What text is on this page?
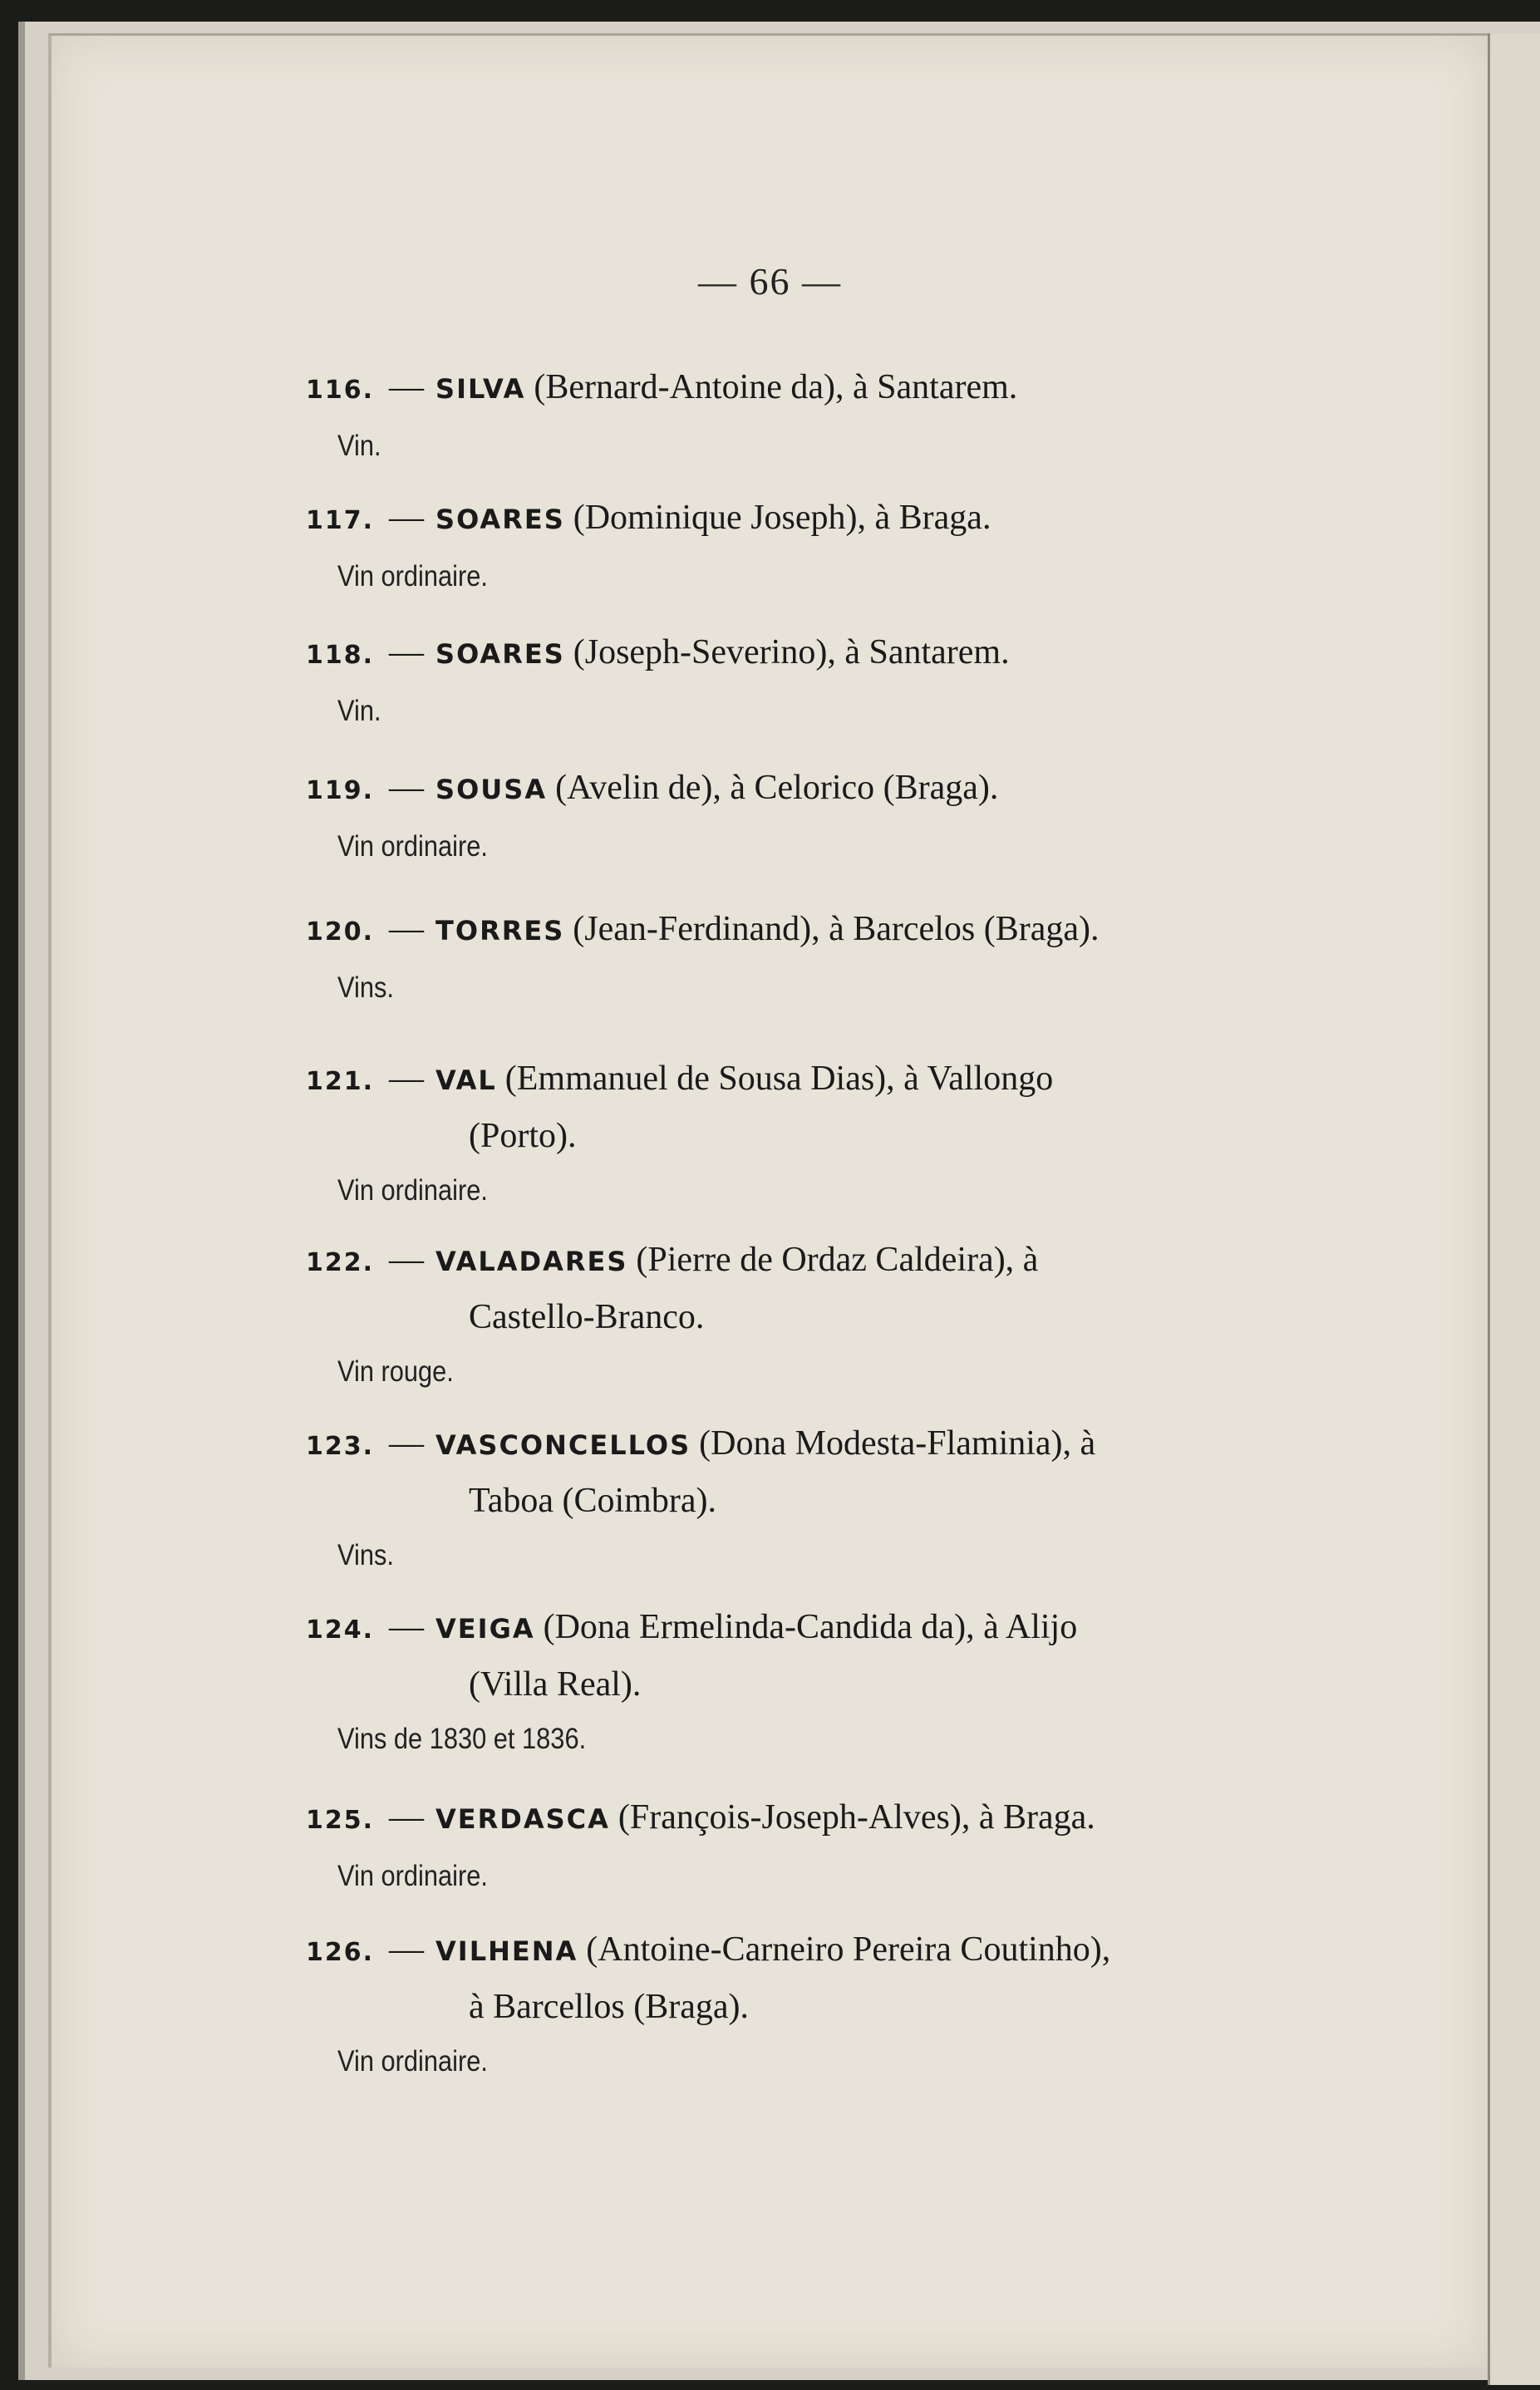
— 66 —
116. — SILVA (Bernard-Antoine da), à Santarem.
Vin.
117. — SOARES (Dominique Joseph), à Braga.
Vin ordinaire.
118. — SOARES (Joseph-Severino), à Santarem.
Vin.
119. — SOUSA (Avelin de), à Celorico (Braga).
Vin ordinaire.
120. — TORRES (Jean-Ferdinand), à Barcelos (Braga).
Vins.
121. — VAL (Emmanuel de Sousa Dias), à Vallongo
(Porto).
Vin ordinaire.
122. — VALADARES (Pierre de Ordaz Caldeira), à
Castello-Branco.
Vin rouge.
123. — VASCONCELLOS (Dona Modesta-Flaminia), à
Taboa (Coimbra).
Vins.
124. — VEIGA (Dona Ermelinda-Candida da), à Alijo
(Villa Real).
Vins de 1830 et 1836.
125. — VERDASCA (François-Joseph-Alves), à Braga.
Vin ordinaire.
126. — VILHENA (Antoine-Carneiro Pereira Coutinho),
à Barcellos (Braga).
Vin ordinaire.
